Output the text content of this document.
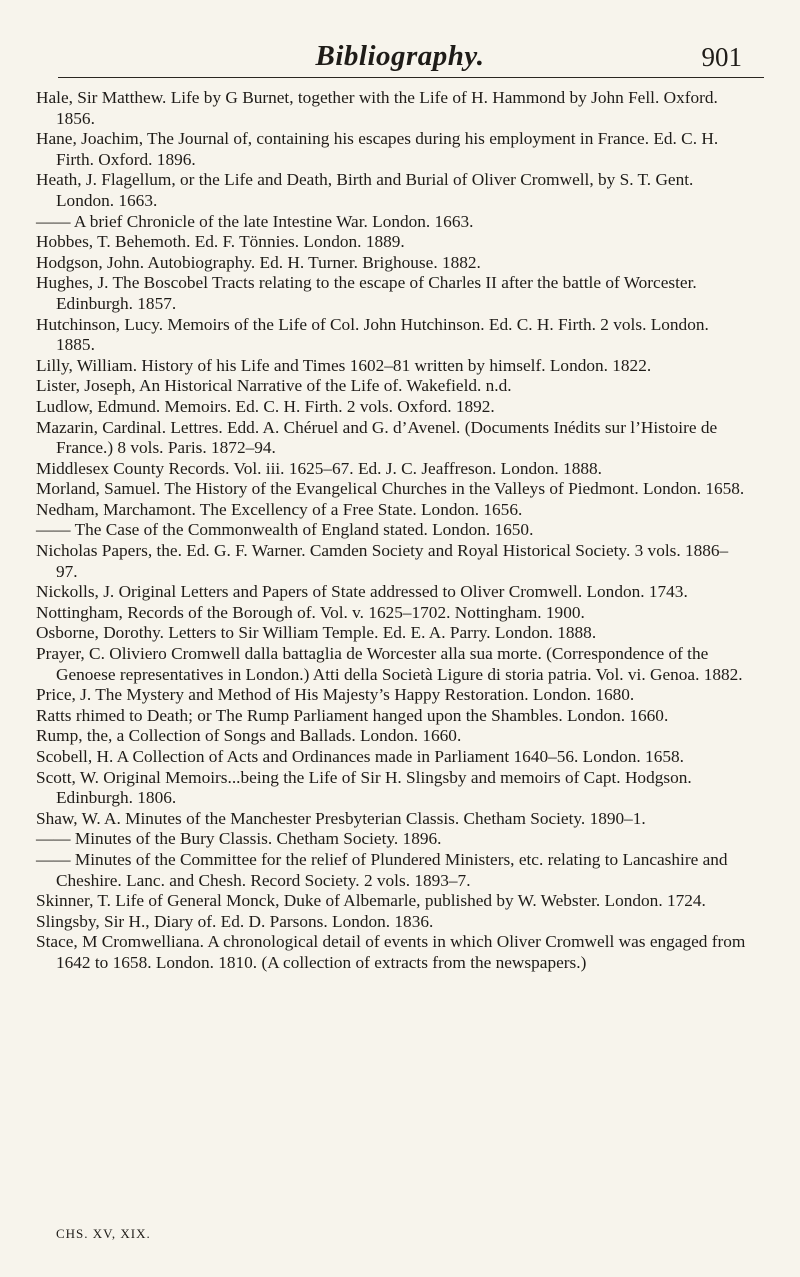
Bibliography.	901

Hale, Sir Matthew. Life by G Burnet, together with the Life of H. Hammond by John Fell. Oxford. 1856.

Hane, Joachim, The Journal of, containing his escapes during his employment in France. Ed. C. H. Firth. Oxford. 1896.

Heath, J. Flagellum, or the Life and Death, Birth and Burial of Oliver Cromwell, by S. T. Gent. London. 1663.

—— A brief Chronicle of the late Intestine War. London. 1663.

Hobbes, T. Behemoth. Ed. F. Tönnies. London. 1889.

Hodgson, John. Autobiography. Ed. H. Turner. Brighouse. 1882.

Hughes, J. The Boscobel Tracts relating to the escape of Charles II after the battle of Worcester. Edinburgh. 1857.

Hutchinson, Lucy. Memoirs of the Life of Col. John Hutchinson. Ed. C. H. Firth. 2 vols. London. 1885.

Lilly, William. History of his Life and Times 1602–81 written by himself. London. 1822.

Lister, Joseph, An Historical Narrative of the Life of. Wakefield. n.d.

Ludlow, Edmund. Memoirs. Ed. C. H. Firth. 2 vols. Oxford. 1892.

Mazarin, Cardinal. Lettres. Edd. A. Chéruel and G. d’Avenel. (Documents Inédits sur l’Histoire de France.) 8 vols. Paris. 1872–94.

Middlesex County Records. Vol. iii. 1625–67. Ed. J. C. Jeaffreson. London. 1888.

Morland, Samuel. The History of the Evangelical Churches in the Valleys of Piedmont. London. 1658.

Nedham, Marchamont. The Excellency of a Free State. London. 1656.

—— The Case of the Commonwealth of England stated. London. 1650.

Nicholas Papers, the. Ed. G. F. Warner. Camden Society and Royal Historical Society. 3 vols. 1886–97.

Nickolls, J. Original Letters and Papers of State addressed to Oliver Cromwell. London. 1743.

Nottingham, Records of the Borough of. Vol. v. 1625–1702. Nottingham. 1900.

Osborne, Dorothy. Letters to Sir William Temple. Ed. E. A. Parry. London. 1888.

Prayer, C. Oliviero Cromwell dalla battaglia de Worcester alla sua morte. (Correspondence of the Genoese representatives in London.) Atti della Società Ligure di storia patria. Vol. vi. Genoa. 1882.

Price, J. The Mystery and Method of His Majesty’s Happy Restoration. London. 1680.

Ratts rhimed to Death; or The Rump Parliament hanged upon the Shambles. London. 1660.

Rump, the, a Collection of Songs and Ballads. London. 1660.

Scobell, H. A Collection of Acts and Ordinances made in Parliament 1640–56. London. 1658.

Scott, W. Original Memoirs...being the Life of Sir H. Slingsby and memoirs of Capt. Hodgson. Edinburgh. 1806.

Shaw, W. A. Minutes of the Manchester Presbyterian Classis. Chetham Society. 1890–1.

—— Minutes of the Bury Classis. Chetham Society. 1896.

—— Minutes of the Committee for the relief of Plundered Ministers, etc. relating to Lancashire and Cheshire. Lanc. and Chesh. Record Society. 2 vols. 1893–7.

Skinner, T. Life of General Monck, Duke of Albemarle, published by W. Webster. London. 1724.

Slingsby, Sir H., Diary of. Ed. D. Parsons. London. 1836.

Stace, M Cromwelliana. A chronological detail of events in which Oliver Cromwell was engaged from 1642 to 1658. London. 1810. (A collection of extracts from the newspapers.)

CHS. XV, XIX.
